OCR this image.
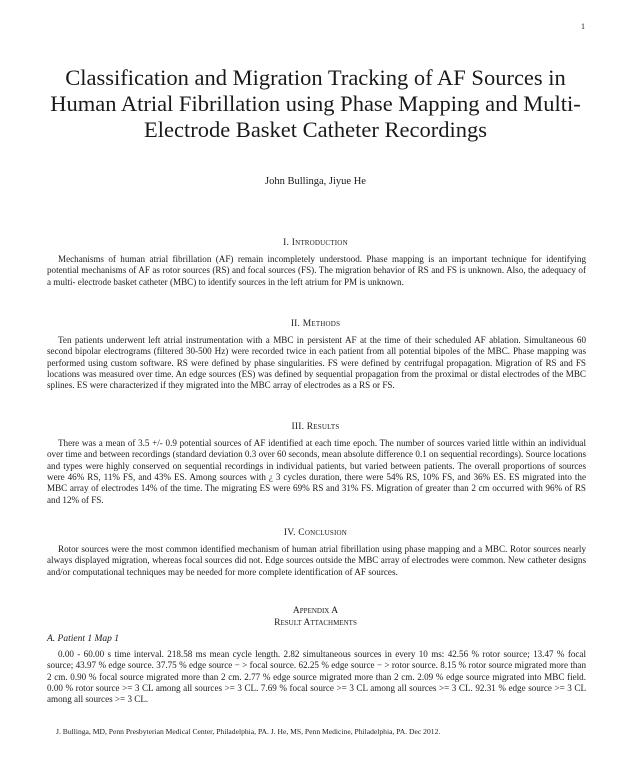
1
Classification and Migration Tracking of AF Sources in Human Atrial Fibrillation using Phase Mapping and Multi-Electrode Basket Catheter Recordings
John Bullinga, Jiyue He
I. Introduction

Mechanisms of human atrial fibrillation (AF) remain incompletely understood. Phase mapping is an important technique for identifying potential mechanisms of AF as rotor sources (RS) and focal sources (FS). The migration behavior of RS and FS is unknown. Also, the adequacy of a multi- electrode basket catheter (MBC) to identify sources in the left atrium for PM is unknown.

II. Methods

Ten patients underwent left atrial instrumentation with a MBC in persistent AF at the time of their scheduled AF ablation. Simultaneous 60 second bipolar electrograms (filtered 30-500 Hz) were recorded twice in each patient from all potential bipoles of the MBC. Phase mapping was performed using custom software. RS were defined by phase singularities. FS were defined by centrifugal propagation. Migration of RS and FS locations was measured over time. An edge sources (ES) was defined by sequential propagation from the proximal or distal electrodes of the MBC splines. ES were characterized if they migrated into the MBC array of electrodes as a RS or FS.

III. Results

There was a mean of 3.5 +/- 0.9 potential sources of AF identified at each time epoch. The number of sources varied little within an individual over time and between recordings (standard deviation 0.3 over 60 seconds, mean absolute difference 0.1 on sequential recordings). Source locations and types were highly conserved on sequential recordings in individual patients, but varied between patients. The overall proportions of sources were 46% RS, 11% FS, and 43% ES. Among sources with ¿ 3 cycles duration, there were 54% RS, 10% FS, and 36% ES. ES migrated into the MBC array of electrodes 14% of the time. The migrating ES were 69% RS and 31% FS. Migration of greater than 2 cm occurred with 96% of RS and 12% of FS.

IV. Conclusion

Rotor sources were the most common identified mechanism of human atrial fibrillation using phase mapping and a MBC. Rotor sources nearly always displayed migration, whereas focal sources did not. Edge sources outside the MBC array of electrodes were common. New catheter designs and/or computational techniques may be needed for more complete identification of AF sources.

Appendix A
Result Attachments
A. Patient 1 Map 1

0.00 - 60.00 s time interval. 218.58 ms mean cycle length. 2.82 simultaneous sources in every 10 ms: 42.56 % rotor source; 13.47 % focal source; 43.97 % edge source. 37.75 % edge source − > focal source. 62.25 % edge source − > rotor source. 8.15 % rotor source migrated more than 2 cm. 0.90 % focal source migrated more than 2 cm. 2.77 % edge source migrated more than 2 cm. 2.09 % edge source migrated into MBC field. 0.00 % rotor source >= 3 CL among all sources >= 3 CL. 7.69 % focal source >= 3 CL among all sources >= 3 CL. 92.31 % edge source >= 3 CL among all sources >= 3 CL.

J. Bullinga, MD, Penn Presbyterian Medical Center, Philadelphia, PA. J. He, MS, Penn Medicine, Philadelphia, PA. Dec 2012.
